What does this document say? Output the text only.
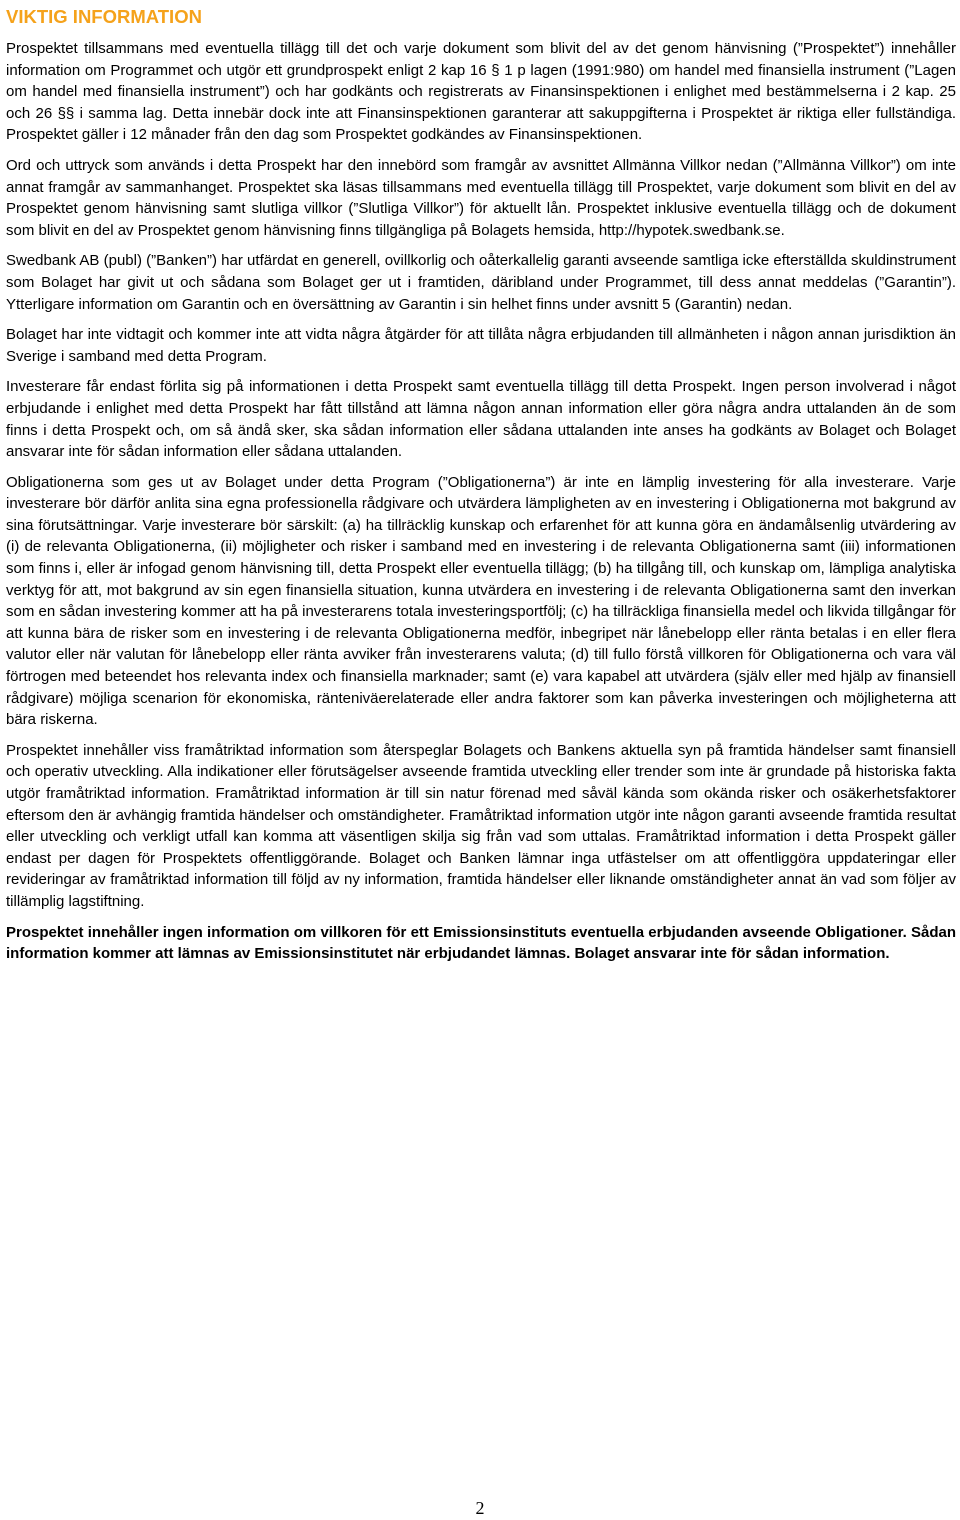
VIKTIG INFORMATION

Prospektet tillsammans med eventuella tillägg till det och varje dokument som blivit del av det genom hänvisning (”Prospektet”) innehåller information om Programmet och utgör ett grundprospekt enligt 2 kap 16 § 1 p lagen (1991:980) om handel med finansiella instrument (”Lagen om handel med finansiella instrument”) och har godkänts och registrerats av Finansinspektionen i enlighet med bestämmelserna i 2 kap. 25 och 26 §§ i samma lag. Detta innebär dock inte att Finansinspektionen garanterar att sakuppgifterna i Prospektet är riktiga eller fullständiga. Prospektet gäller i 12 månader från den dag som Prospektet godkändes av Finansinspektionen.

Ord och uttryck som används i detta Prospekt har den innebörd som framgår av avsnittet Allmänna Villkor nedan (”Allmänna Villkor”) om inte annat framgår av sammanhanget. Prospektet ska läsas tillsammans med eventuella tillägg till Prospektet, varje dokument som blivit en del av Prospektet genom hänvisning samt slutliga villkor (”Slutliga Villkor”) för aktuellt lån. Prospektet inklusive eventuella tillägg och de dokument som blivit en del av Prospektet genom hänvisning finns tillgängliga på Bolagets hemsida, http://hypotek.swedbank.se.

Swedbank AB (publ) (”Banken”) har utfärdat en generell, ovillkorlig och oåterkallelig garanti avseende samtliga icke efterställda skuldinstrument som Bolaget har givit ut och sådana som Bolaget ger ut i framtiden, däribland under Programmet, till dess annat meddelas (”Garantin”). Ytterligare information om Garantin och en översättning av Garantin i sin helhet finns under avsnitt 5 (Garantin) nedan.

Bolaget har inte vidtagit och kommer inte att vidta några åtgärder för att tillåta några erbjudanden till allmänheten i någon annan jurisdiktion än Sverige i samband med detta Program.

Investerare får endast förlita sig på informationen i detta Prospekt samt eventuella tillägg till detta Prospekt. Ingen person involverad i något erbjudande i enlighet med detta Prospekt har fått tillstånd att lämna någon annan information eller göra några andra uttalanden än de som finns i detta Prospekt och, om så ändå sker, ska sådan information eller sådana uttalanden inte anses ha godkänts av Bolaget och Bolaget ansvarar inte för sådan information eller sådana uttalanden.

Obligationerna som ges ut av Bolaget under detta Program (”Obligationerna”) är inte en lämplig investering för alla investerare. Varje investerare bör därför anlita sina egna professionella rådgivare och utvärdera lämpligheten av en investering i Obligationerna mot bakgrund av sina förutsättningar. Varje investerare bör särskilt: (a) ha tillräcklig kunskap och erfarenhet för att kunna göra en ändamålsenlig utvärdering av (i) de relevanta Obligationerna, (ii) möjligheter och risker i samband med en investering i de relevanta Obligationerna samt (iii) informationen som finns i, eller är infogad genom hänvisning till, detta Prospekt eller eventuella tillägg; (b) ha tillgång till, och kunskap om, lämpliga analytiska verktyg för att, mot bakgrund av sin egen finansiella situation, kunna utvärdera en investering i de relevanta Obligationerna samt den inverkan som en sådan investering kommer att ha på investerarens totala investeringsportfölj; (c) ha tillräckliga finansiella medel och likvida tillgångar för att kunna bära de risker som en investering i de relevanta Obligationerna medför, inbegripet när lånebelopp eller ränta betalas i en eller flera valutor eller när valutan för lånebelopp eller ränta avviker från investerarens valuta; (d) till fullo förstå villkoren för Obligationerna och vara väl förtrogen med beteendet hos relevanta index och finansiella marknader; samt (e) vara kapabel att utvärdera (själv eller med hjälp av finansiell rådgivare) möjliga scenarion för ekonomiska, ränteniväerelaterade eller andra faktorer som kan påverka investeringen och möjligheterna att bära riskerna.

Prospektet innehåller viss framåtriktad information som återspeglar Bolagets och Bankens aktuella syn på framtida händelser samt finansiell och operativ utveckling. Alla indikationer eller förutsägelser avseende framtida utveckling eller trender som inte är grundade på historiska fakta utgör framåtriktad information. Framåtriktad information är till sin natur förenad med såväl kända som okända risker och osäkerhetsfaktorer eftersom den är avhängig framtida händelser och omständigheter. Framåtriktad information utgör inte någon garanti avseende framtida resultat eller utveckling och verkligt utfall kan komma att väsentligen skilja sig från vad som uttalas. Framåtriktad information i detta Prospekt gäller endast per dagen för Prospektets offentliggörande. Bolaget och Banken lämnar inga utfästelser om att offentliggöra uppdateringar eller revideringar av framåtriktad information till följd av ny information, framtida händelser eller liknande omständigheter annat än vad som följer av tillämplig lagstiftning.

Prospektet innehåller ingen information om villkoren för ett Emissionsinstituts eventuella erbjudanden avseende Obligationer. Sådan information kommer att lämnas av Emissionsinstitutet när erbjudandet lämnas. Bolaget ansvarar inte för sådan information.

2
